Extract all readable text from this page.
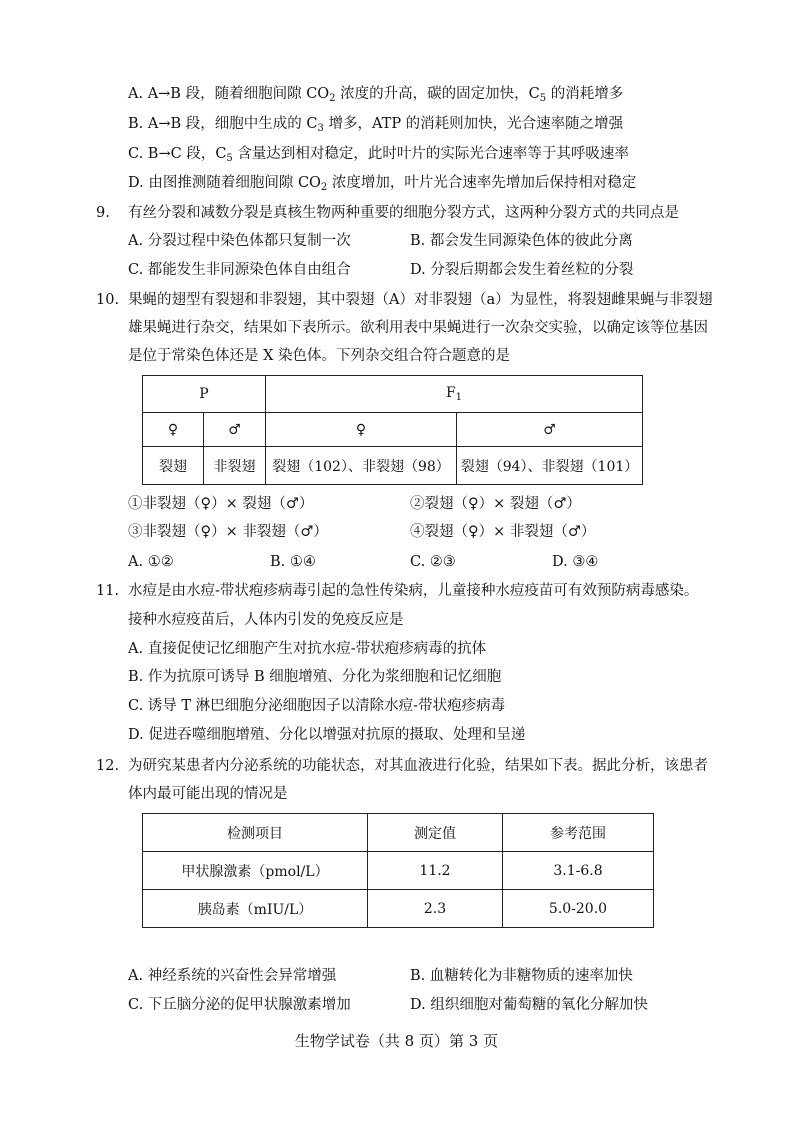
A. A→B 段，随着细胞间隙 $CO_2$ 浓度的升高，碳的固定加快，$C_5$ 的消耗增多
B. A→B 段，细胞中生成的 $C_3$ 增多，ATP 的消耗则加快，光合速率随之增强
C. B→C 段，$C_5$ 含量达到相对稳定，此时叶片的实际光合速率等于其呼吸速率
D. 由图推测随着细胞间隙 $CO_2$ 浓度增加，叶片光合速率先增加后保持相对稳定
9. 有丝分裂和减数分裂是真核生物两种重要的细胞分裂方式，这两种分裂方式的共同点是
A. 分裂过程中染色体都只复制一次	B. 都会发生同源染色体的彼此分离
C. 都能发生非同源染色体自由组合	D. 分裂后期都会发生着丝粒的分裂
10. 果蝇的翅型有裂翅和非裂翅，其中裂翅（A）对非裂翅（a）为显性，将裂翅雌果蝇与非裂翅
雄果蝇进行杂交，结果如下表所示。欲利用表中果蝇进行一次杂交实验，以确定该等位基因
是位于常染色体还是 X 染色体。下列杂交组合符合题意的是
P		$F_1$
♀	♂	♀	♂
裂翅	非裂翅	裂翅（102）、非裂翅（98）	裂翅（94）、非裂翅（101）
①非裂翅（♀）× 裂翅（♂）	②裂翅（♀）× 裂翅（♂）
③非裂翅（♀）× 非裂翅（♂）	④裂翅（♀）× 非裂翅（♂）
A. ①②	B. ①④	C. ②③	D. ③④
11. 水痘是由水痘-带状疱疹病毒引起的急性传染病，儿童接种水痘疫苗可有效预防病毒感染。
接种水痘疫苗后，人体内引发的免疫反应是
A. 直接促使记忆细胞产生对抗水痘-带状疱疹病毒的抗体
B. 作为抗原可诱导 B 细胞增殖、分化为浆细胞和记忆细胞
C. 诱导 T 淋巴细胞分泌细胞因子以清除水痘-带状疱疹病毒
D. 促进吞噬细胞增殖、分化以增强对抗原的摄取、处理和呈递
12. 为研究某患者内分泌系统的功能状态，对其血液进行化验，结果如下表。据此分析，该患者
体内最可能出现的情况是
检测项目	测定值	参考范围
甲状腺激素（pmol/L）	11.2	3.1-6.8
胰岛素（mIU/L）	2.3	5.0-20.0
A. 神经系统的兴奋性会异常增强	B. 血糖转化为非糖物质的速率加快
C. 下丘脑分泌的促甲状腺激素增加	D. 组织细胞对葡萄糖的氧化分解加快
生物学试卷（共 8 页）第 3 页
